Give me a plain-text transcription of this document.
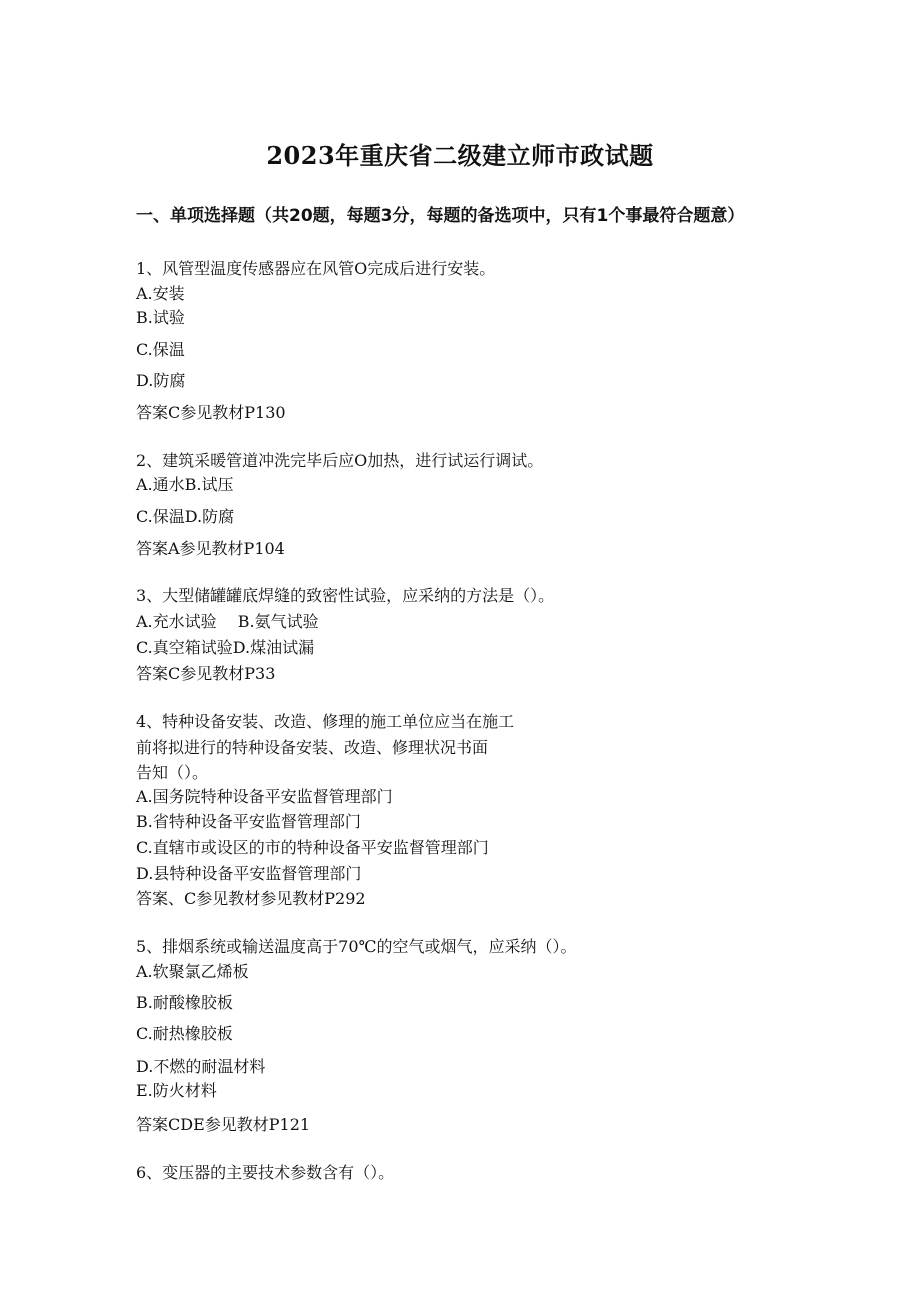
2023年重庆省二级建立师市政试题
一、单项选择题（共20题，每题3分，每题的备选项中，只有1个事最符合题意）
1、风管型温度传感器应在风管O完成后进行安装。
A.安装
B.试验
C.保温
D.防腐
答案C参见教材P130
2、建筑采暖管道冲洗完毕后应O加热，进行试运行调试。
A.通水B.试压
C.保温D.防腐
答案A参见教材P104
3、大型储罐罐底焊缝的致密性试验，应采纳的方法是（）。
A.充水试验　 B.氨气试验
C.真空箱试验D.煤油试漏
答案C参见教材P33
4、特种设备安装、改造、修理的施工单位应当在施工
前将拟进行的特种设备安装、改造、修理状况书面
告知（）。
A.国务院特种设备平安监督管理部门
B.省特种设备平安监督管理部门
C.直辖市或设区的市的特种设备平安监督管理部门
D.县特种设备平安监督管理部门
答案、C参见教材参见教材P292
5、排烟系统或输送温度高于70℃的空气或烟气，应采纳（）。
A.软聚氯乙烯板
B.耐酸橡胶板
C.耐热橡胶板
D.不燃的耐温材料
E.防火材料
答案CDE参见教材P121
6、变压器的主要技术参数含有（）。
